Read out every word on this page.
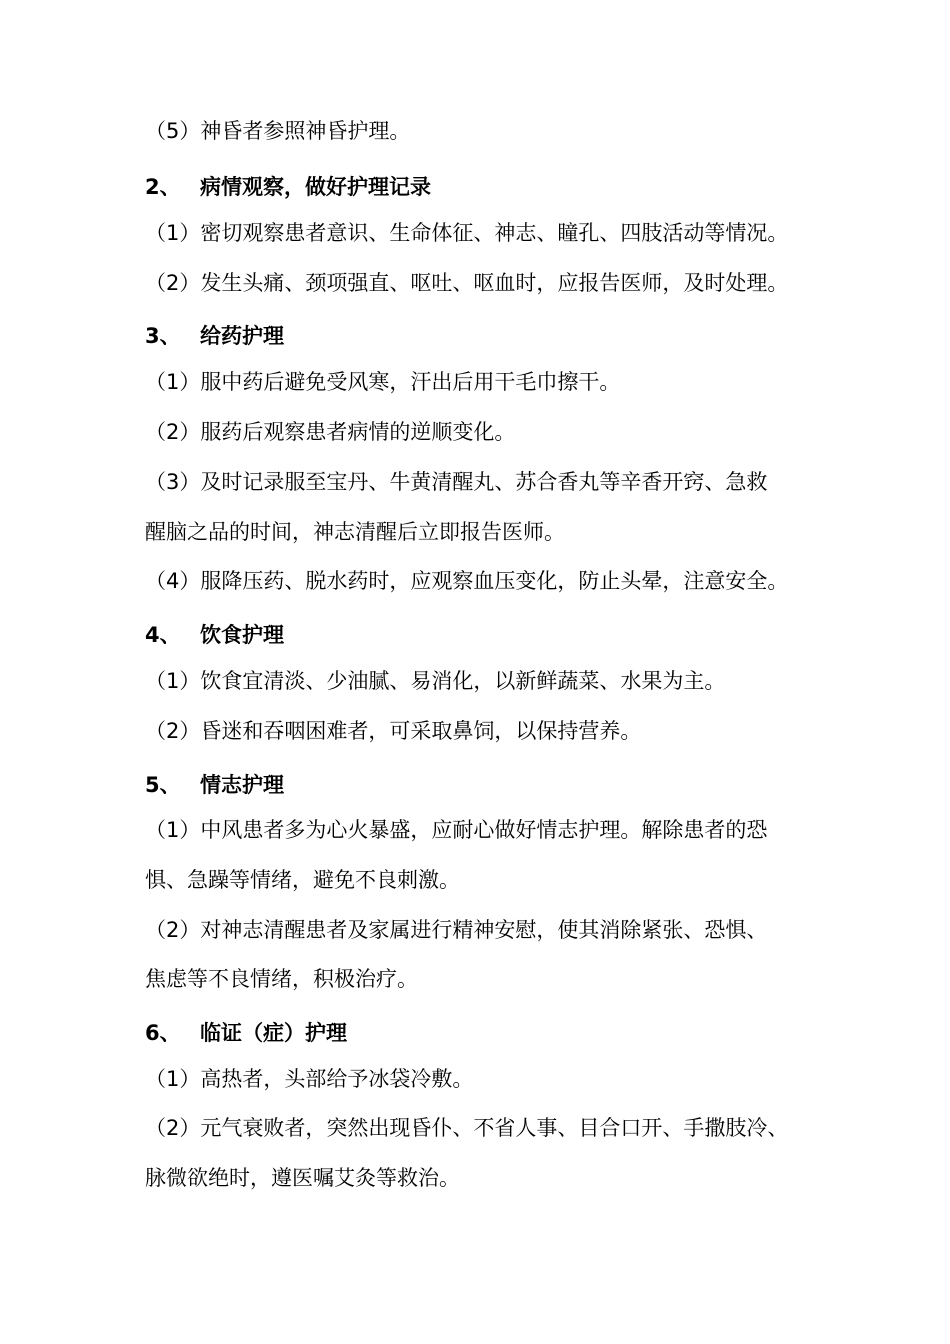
（5）神昏者参照神昏护理。
2、 病情观察，做好护理记录
（1）密切观察患者意识、生命体征、神志、瞳孔、四肢活动等情况。
（2）发生头痛、颈项强直、呕吐、呕血时，应报告医师，及时处理。
3、 给药护理
（1）服中药后避免受风寒，汗出后用干毛巾擦干。
（2）服药后观察患者病情的逆顺变化。
（3）及时记录服至宝丹、牛黄清醒丸、苏合香丸等辛香开窍、急救
醒脑之品的时间，神志清醒后立即报告医师。
（4）服降压药、脱水药时，应观察血压变化，防止头晕，注意安全。
4、 饮食护理
（1）饮食宜清淡、少油腻、易消化，以新鲜蔬菜、水果为主。
（2）昏迷和吞咽困难者，可采取鼻饲，以保持营养。
5、 情志护理
（1）中风患者多为心火暴盛，应耐心做好情志护理。解除患者的恐
惧、急躁等情绪，避免不良刺激。
（2）对神志清醒患者及家属进行精神安慰，使其消除紧张、恐惧、
焦虑等不良情绪，积极治疗。
6、 临证（症）护理
（1）高热者，头部给予冰袋冷敷。
（2）元气衰败者，突然出现昏仆、不省人事、目合口开、手撒肢冷、
脉微欲绝时，遵医嘱艾灸等救治。
